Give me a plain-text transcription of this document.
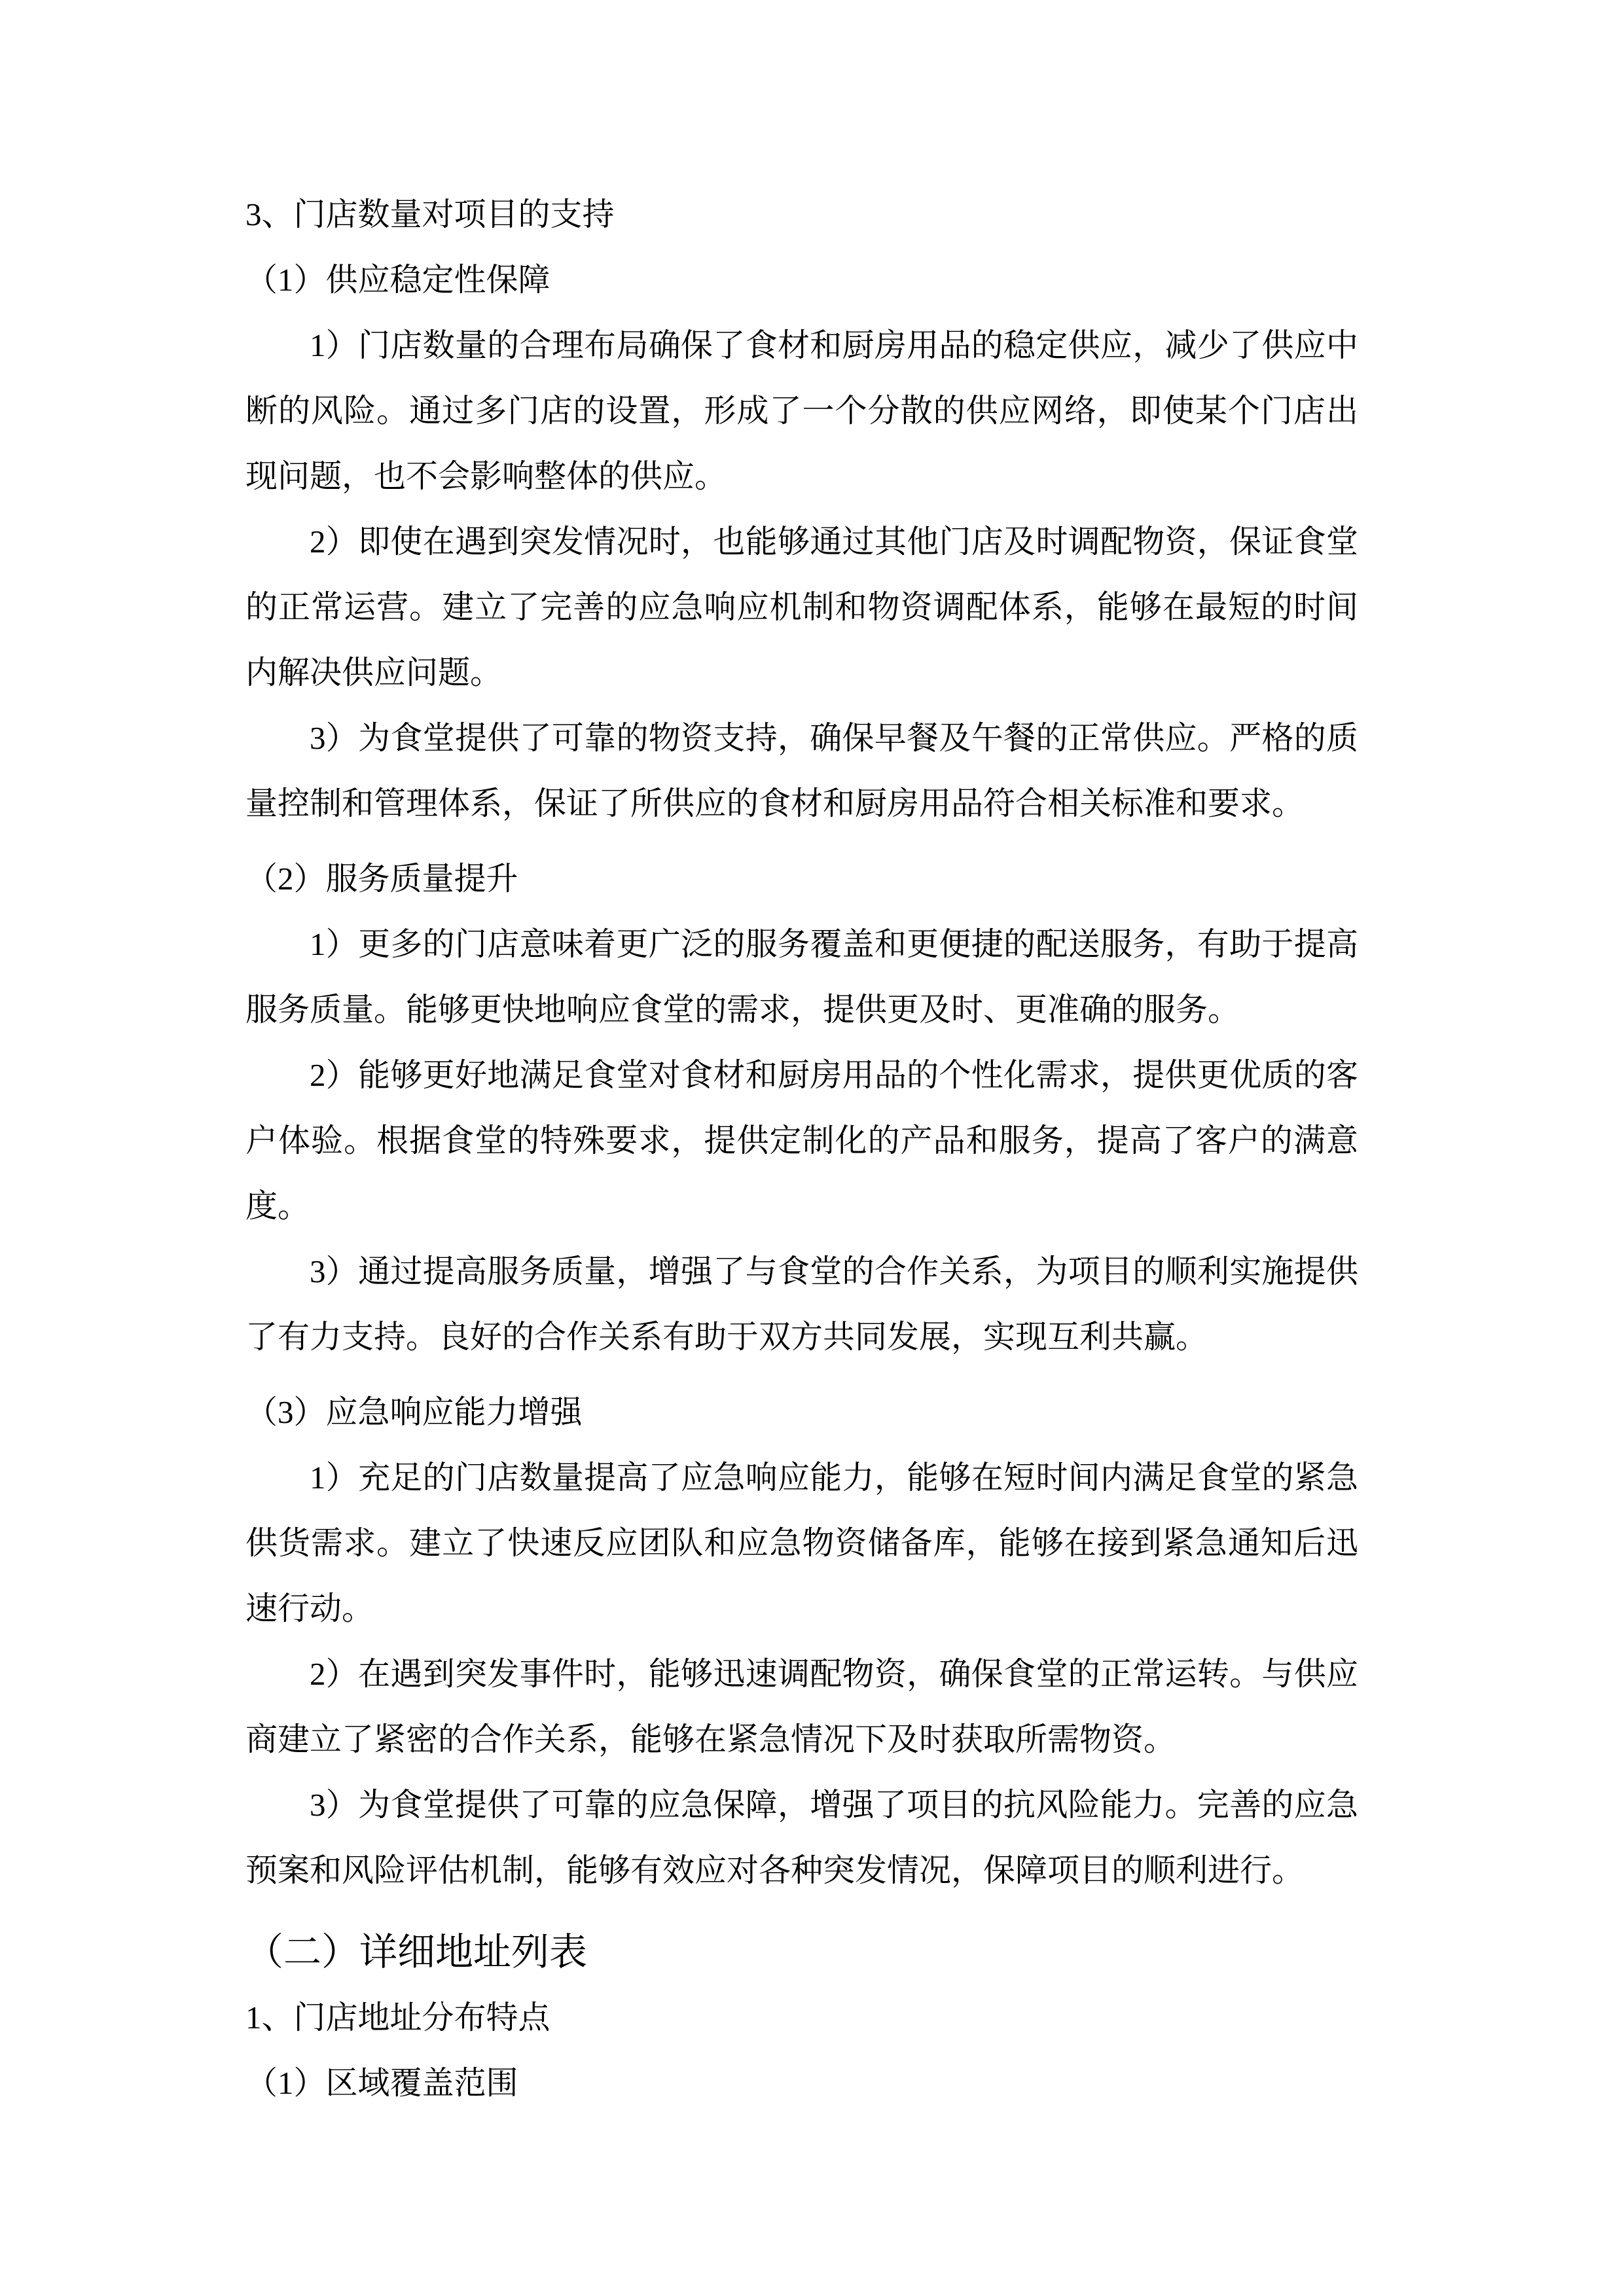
3、门店数量对项目的支持
（1）供应稳定性保障

1）门店数量的合理布局确保了食材和厨房用品的稳定供应，减少了供应中断的风险。通过多门店的设置，形成了一个分散的供应网络，即使某个门店出现问题，也不会影响整体的供应。

2）即使在遇到突发情况时，也能够通过其他门店及时调配物资，保证食堂的正常运营。建立了完善的应急响应机制和物资调配体系，能够在最短的时间内解决供应问题。

3）为食堂提供了可靠的物资支持，确保早餐及午餐的正常供应。严格的质量控制和管理体系，保证了所供应的食材和厨房用品符合相关标准和要求。

（2）服务质量提升

1）更多的门店意味着更广泛的服务覆盖和更便捷的配送服务，有助于提高服务质量。能够更快地响应食堂的需求，提供更及时、更准确的服务。

2）能够更好地满足食堂对食材和厨房用品的个性化需求，提供更优质的客户体验。根据食堂的特殊要求，提供定制化的产品和服务，提高了客户的满意度。

3）通过提高服务质量，增强了与食堂的合作关系，为项目的顺利实施提供了有力支持。良好的合作关系有助于双方共同发展，实现互利共赢。

（3）应急响应能力增强

1）充足的门店数量提高了应急响应能力，能够在短时间内满足食堂的紧急供货需求。建立了快速反应团队和应急物资储备库，能够在接到紧急通知后迅速行动。

2）在遇到突发事件时，能够迅速调配物资，确保食堂的正常运转。与供应商建立了紧密的合作关系，能够在紧急情况下及时获取所需物资。

3）为食堂提供了可靠的应急保障，增强了项目的抗风险能力。完善的应急预案和风险评估机制，能够有效应对各种突发情况，保障项目的顺利进行。

（二）详细地址列表
1、门店地址分布特点
（1）区域覆盖范围
